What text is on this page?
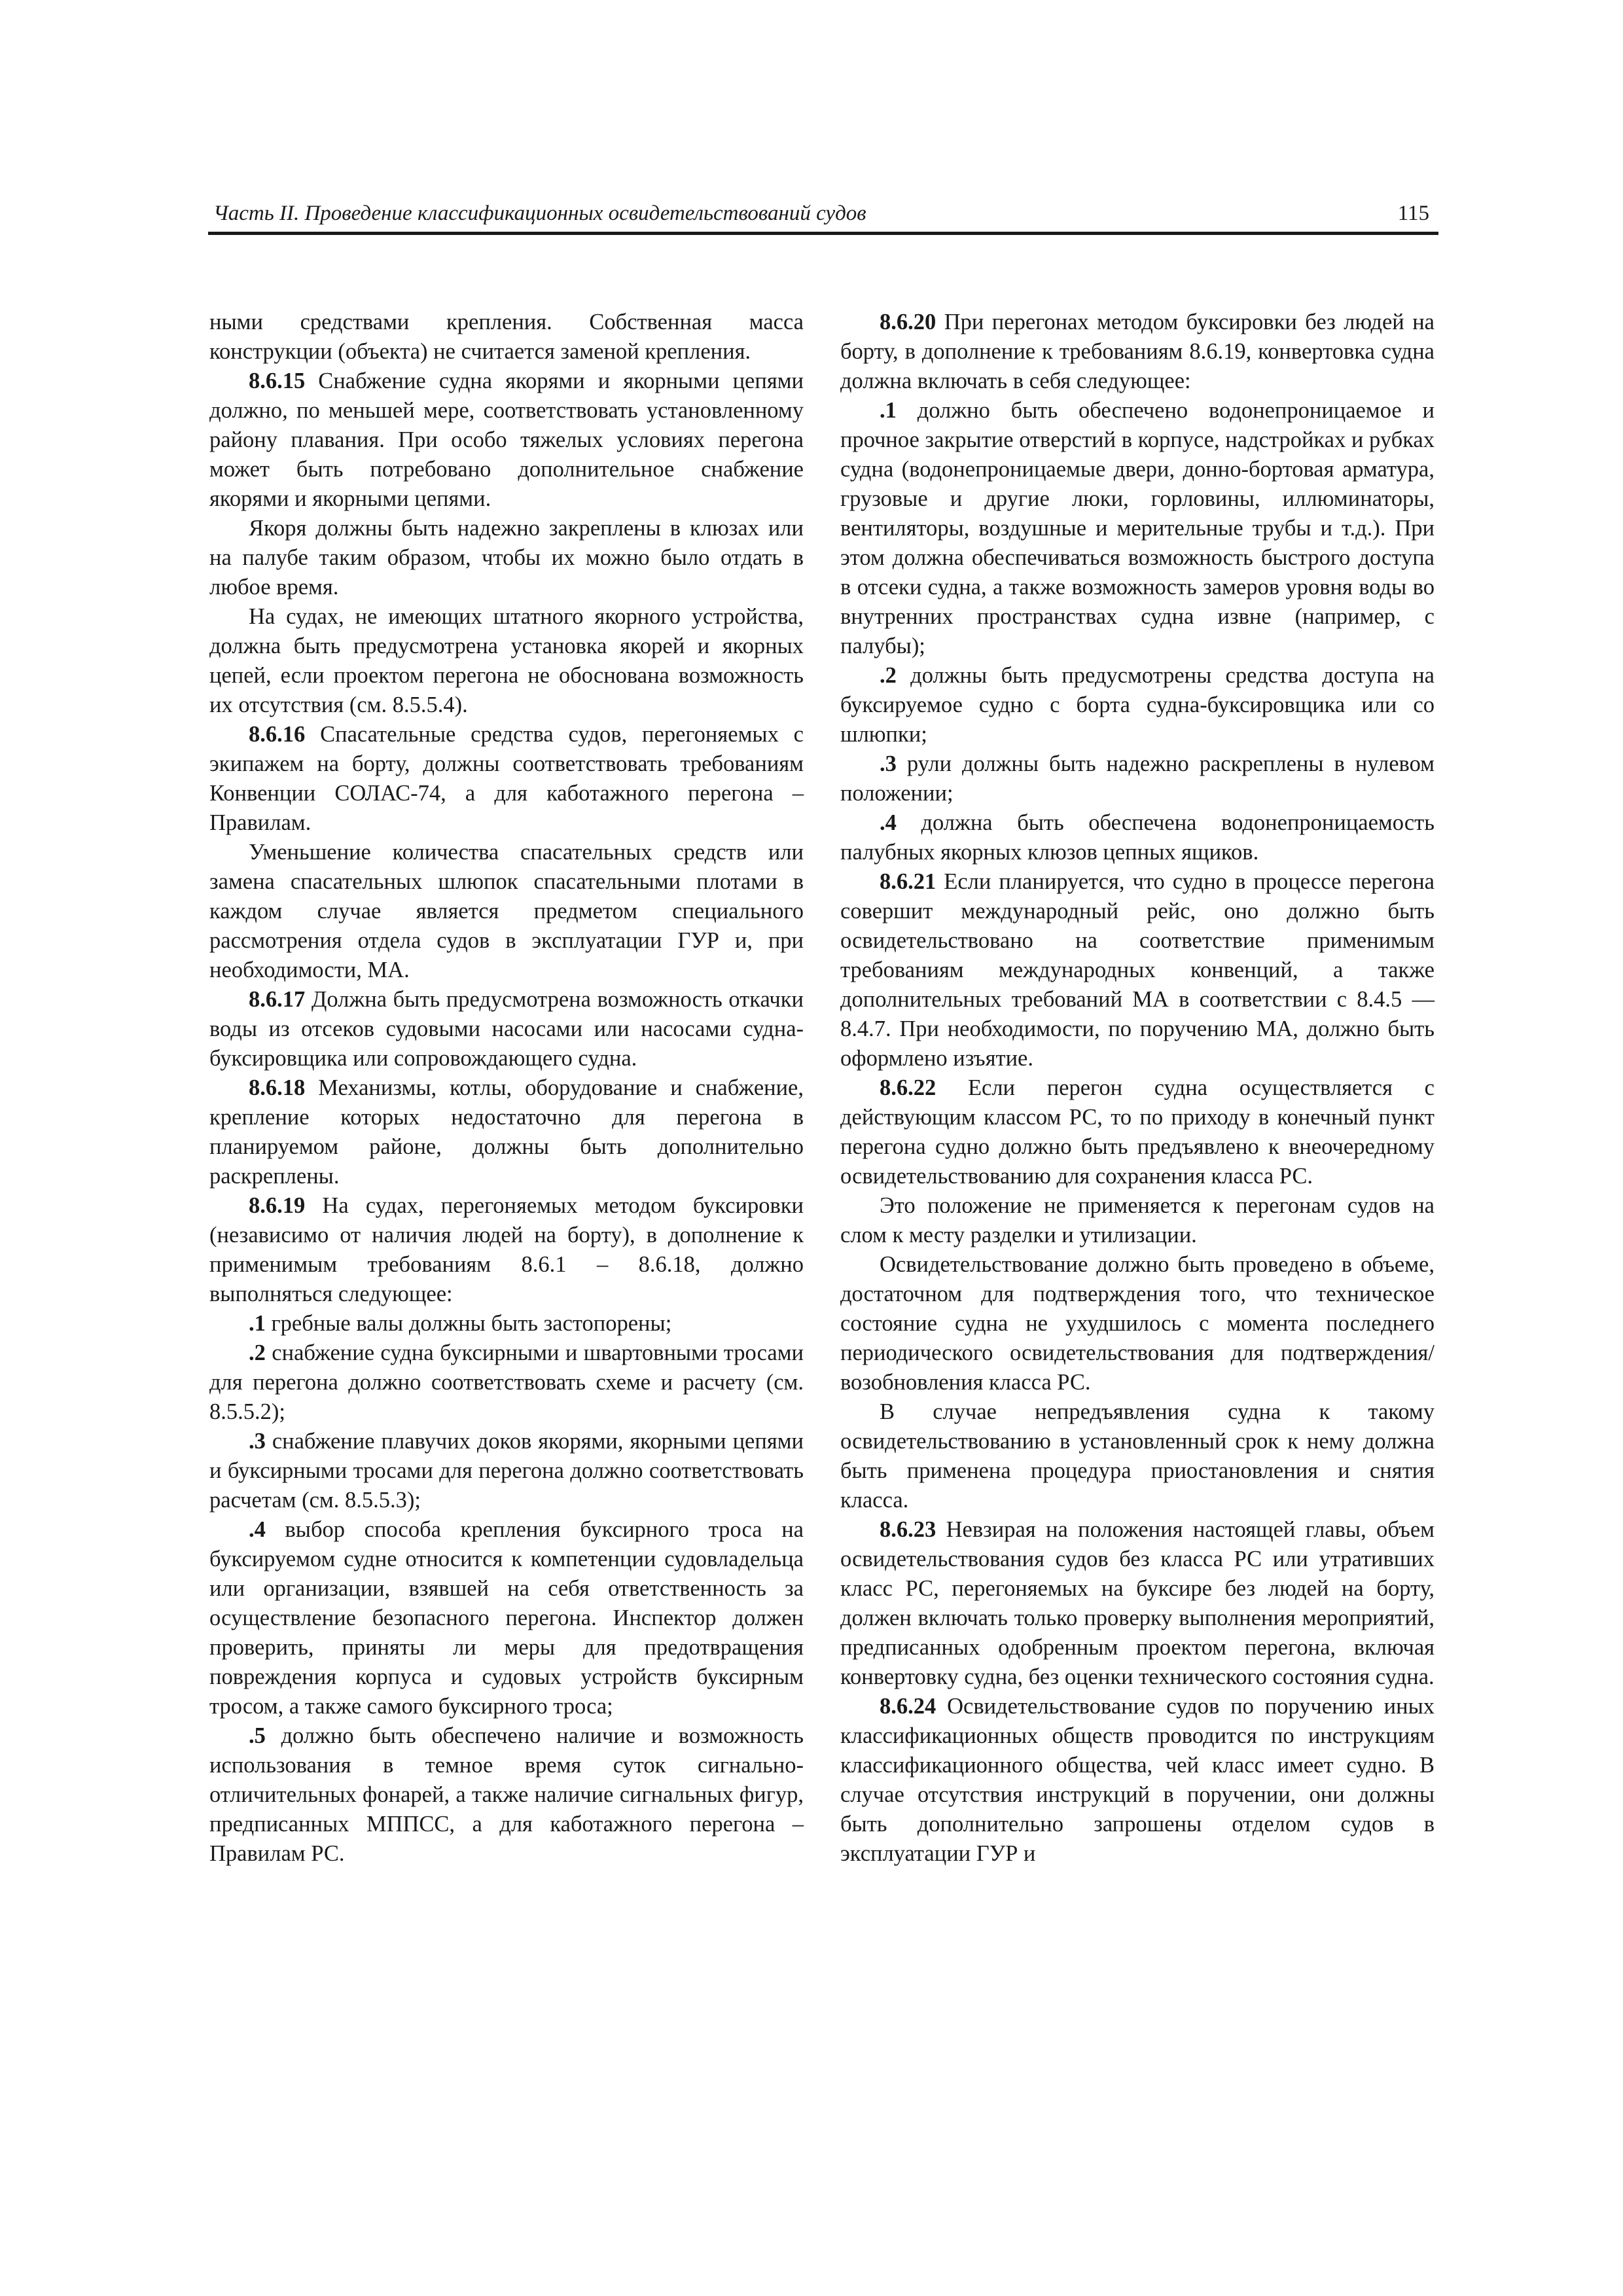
Часть II. Проведение классификационных освидетельствований судов	115

ными средствами крепления. Собственная масса конструкции (объекта) не считается заменой крепления.

8.6.15 Снабжение судна якорями и якорными цепями должно, по меньшей мере, соответствовать установленному району плавания. При особо тяжелых условиях перегона может быть потребовано дополнительное снабжение якорями и якорными цепями.

Якоря должны быть надежно закреплены в клюзах или на палубе таким образом, чтобы их можно было отдать в любое время.

На судах, не имеющих штатного якорного устройства, должна быть предусмотрена установка якорей и якорных цепей, если проектом перегона не обоснована возможность их отсутствия (см. 8.5.5.4).

8.6.16 Спасательные средства судов, перегоняемых с экипажем на борту, должны соответствовать требованиям Конвенции СОЛАС-74, а для каботажного перегона – Правилам.

Уменьшение количества спасательных средств или замена спасательных шлюпок спасательными плотами в каждом случае является предметом специального рассмотрения отдела судов в эксплуатации ГУР и, при необходимости, МА.

8.6.17 Должна быть предусмотрена возможность откачки воды из отсеков судовыми насосами или насосами судна-буксировщика или сопровождающего судна.

8.6.18 Механизмы, котлы, оборудование и снабжение, крепление которых недостаточно для перегона в планируемом районе, должны быть дополнительно раскреплены.

8.6.19 На судах, перегоняемых методом буксировки (независимо от наличия людей на борту), в дополнение к применимым требованиям 8.6.1 – 8.6.18, должно выполняться следующее:

.1 гребные валы должны быть застопорены;

.2 снабжение судна буксирными и швартовными тросами для перегона должно соответствовать схеме и расчету (см. 8.5.5.2);

.3 снабжение плавучих доков якорями, якорными цепями и буксирными тросами для перегона должно соответствовать расчетам (см. 8.5.5.3);

.4 выбор способа крепления буксирного троса на буксируемом судне относится к компетенции судовладельца или организации, взявшей на себя ответственность за осуществление безопасного перегона. Инспектор должен проверить, приняты ли меры для предотвращения повреждения корпуса и судовых устройств буксирным тросом, а также самого буксирного троса;

.5 должно быть обеспечено наличие и возможность использования в темное время суток сигнально-отличительных фонарей, а также наличие сигнальных фигур, предписанных МППСС, а для каботажного перегона – Правилам РС.

8.6.20 При перегонах методом буксировки без людей на борту, в дополнение к требованиям 8.6.19, конвертовка судна должна включать в себя следующее:

.1 должно быть обеспечено водонепроницаемое и прочное закрытие отверстий в корпусе, надстройках и рубках судна (водонепроницаемые двери, донно-бортовая арматура, грузовые и другие люки, горловины, иллюминаторы, вентиляторы, воздушные и мерительные трубы и т.д.). При этом должна обеспечиваться возможность быстрого доступа в отсеки судна, а также возможность замеров уровня воды во внутренних пространствах судна извне (например, с палубы);

.2 должны быть предусмотрены средства доступа на буксируемое судно с борта судна-буксировщика или со шлюпки;

.3 рули должны быть надежно раскреплены в нулевом положении;

.4 должна быть обеспечена водонепроницаемость палубных якорных клюзов цепных ящиков.

8.6.21 Если планируется, что судно в процессе перегона совершит международный рейс, оно должно быть освидетельствовано на соответствие применимым требованиям международных конвенций, а также дополнительных требований МА в соответствии с 8.4.5 — 8.4.7. При необходимости, по поручению МА, должно быть оформлено изъятие.

8.6.22 Если перегон судна осуществляется с действующим классом РС, то по приходу в конечный пункт перегона судно должно быть предъявлено к внеочередному освидетельствованию для сохранения класса РС.

Это положение не применяется к перегонам судов на слом к месту разделки и утилизации.

Освидетельствование должно быть проведено в объеме, достаточном для подтверждения того, что техническое состояние судна не ухудшилось с момента последнего периодического освидетельствования для подтверждения/возобновления класса РС.

В случае непредъявления судна к такому освидетельствованию в установленный срок к нему должна быть применена процедура приостановления и снятия класса.

8.6.23 Невзирая на положения настоящей главы, объем освидетельствования судов без класса РС или утративших класс РС, перегоняемых на буксире без людей на борту, должен включать только проверку выполнения мероприятий, предписанных одобренным проектом перегона, включая конвертовку судна, без оценки технического состояния судна.

8.6.24 Освидетельствование судов по поручению иных классификационных обществ проводится по инструкциям классификационного общества, чей класс имеет судно. В случае отсутствия инструкций в поручении, они должны быть дополнительно запрошены отделом судов в эксплуатации ГУР и
